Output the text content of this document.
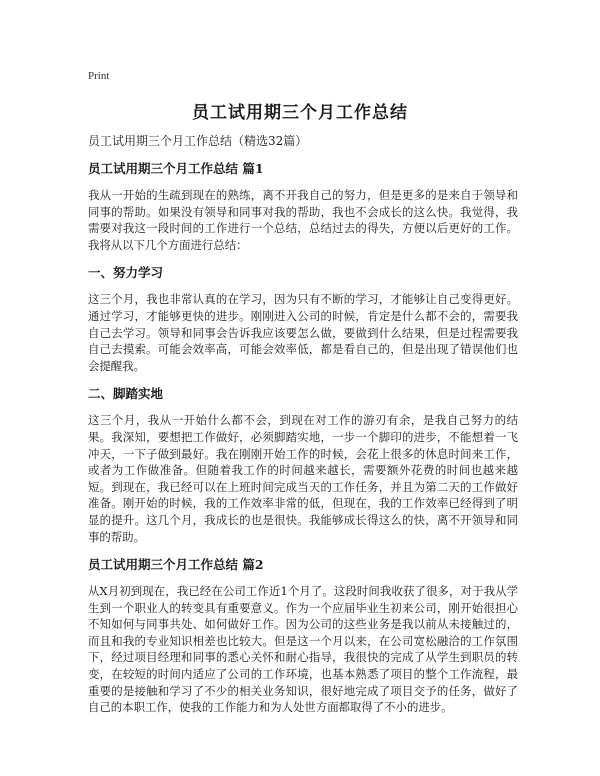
Print
员工试用期三个月工作总结

员工试用期三个月工作总结（精选32篇）

员工试用期三个月工作总结 篇1

我从一开始的生疏到现在的熟练，离不开我自己的努力，但是更多的是来自于领导和同事的帮助。如果没有领导和同事对我的帮助，我也不会成长的这么快。我觉得，我需要对我这一段时间的工作进行一个总结，总结过去的得失，方便以后更好的工作。我将从以下几个方面进行总结：

一、努力学习

这三个月，我也非常认真的在学习，因为只有不断的学习，才能够让自己变得更好。通过学习，才能够更快的进步。刚刚进入公司的时候，肯定是什么都不会的，需要我自己去学习。领导和同事会告诉我应该要怎么做，要做到什么结果，但是过程需要我自己去摸索。可能会效率高，可能会效率低，都是看自己的，但是出现了错误他们也会提醒我。

二、脚踏实地

这三个月，我从一开始什么都不会，到现在对工作的游刃有余，是我自己努力的结果。我深知，要想把工作做好，必须脚踏实地，一步一个脚印的进步，不能想着一飞冲天，一下子做到最好。我在刚刚开始工作的时候，会花上很多的休息时间来工作，或者为工作做准备。但随着我工作的时间越来越长，需要额外花费的时间也越来越短。到现在，我已经可以在上班时间完成当天的工作任务，并且为第二天的工作做好准备。刚开始的时候，我的工作效率非常的低，但现在，我的工作效率已经得到了明显的提升。这几个月，我成长的也是很快。我能够成长得这么的快，离不开领导和同事的帮助。

员工试用期三个月工作总结 篇2

从X月初到现在，我已经在公司工作近1个月了。这段时间我收获了很多，对于我从学生到一个职业人的转变具有重要意义。作为一个应届毕业生初来公司，刚开始很担心不知如何与同事共处、如何做好工作。因为公司的这些业务是我以前从未接触过的，而且和我的专业知识相差也比较大。但是这一个月以来，在公司宽松融洽的工作氛围下，经过项目经理和同事的悉心关怀和耐心指导，我很快的完成了从学生到职员的转变，在较短的时间内适应了公司的工作环境，也基本熟悉了项目的整个工作流程，最重要的是接触和学习了不少的相关业务知识，很好地完成了项目交予的任务，做好了自己的本职工作，使我的工作能力和为人处世方面都取得了不小的进步。
